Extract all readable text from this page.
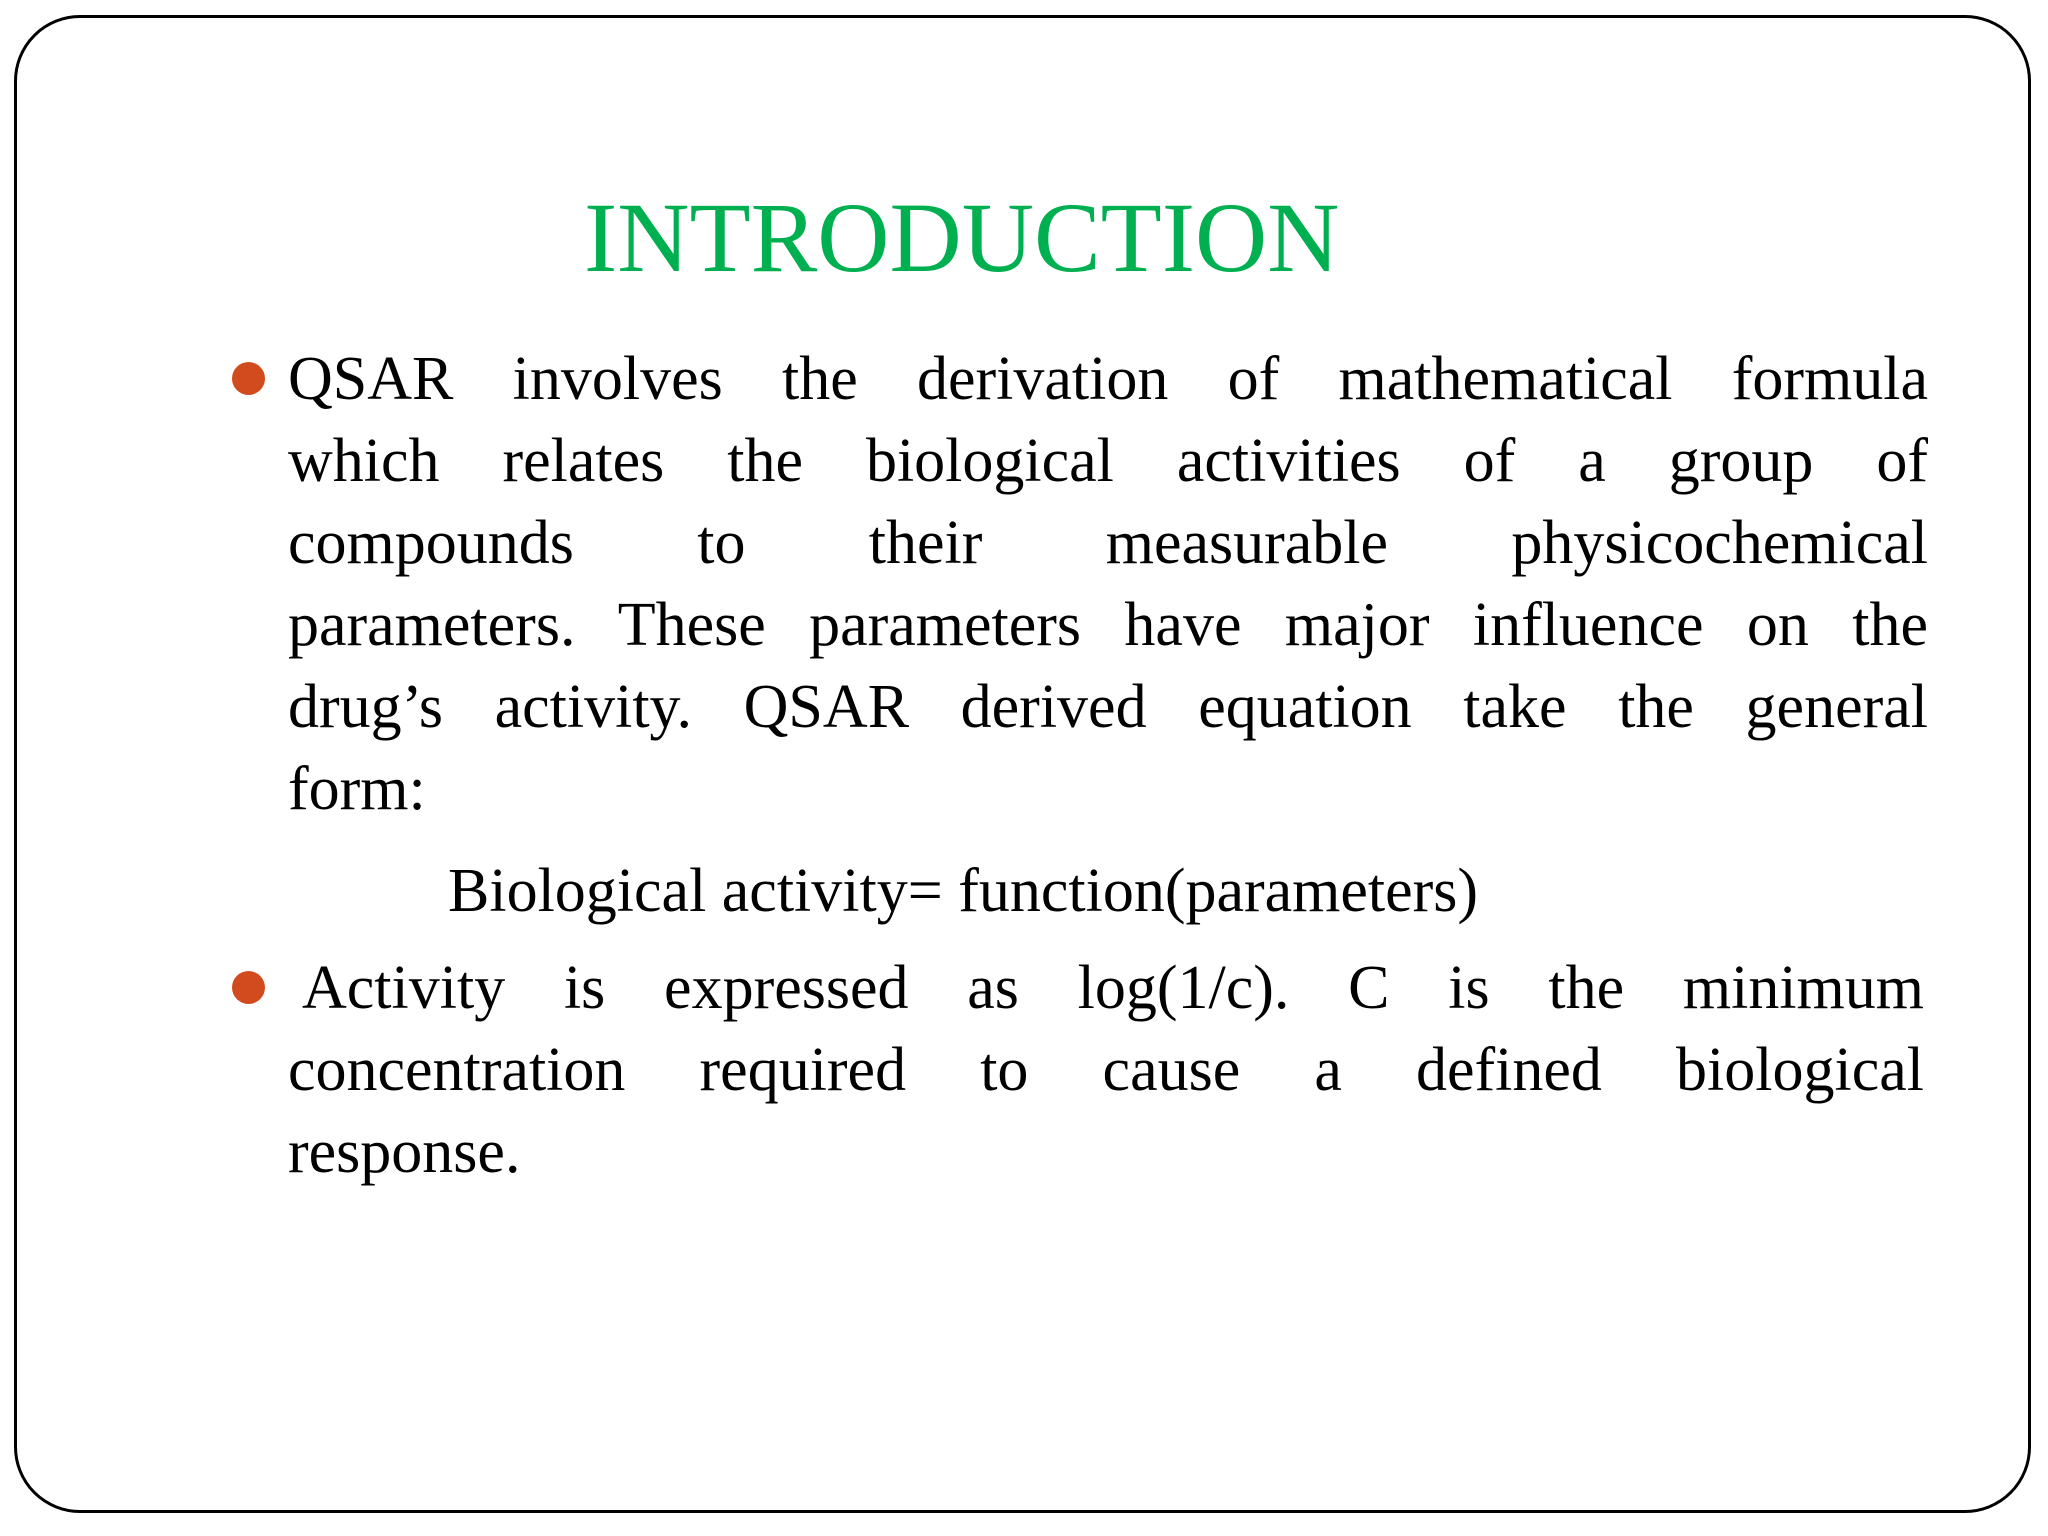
INTRODUCTION
QSAR involves the derivation of mathematical formula
which relates the biological activities of a group of
compounds to their measurable physicochemical
parameters. These parameters have major influence on the
drug’s activity. QSAR derived equation take the general
form:
Biological activity= function(parameters)
Activity is expressed as log(1/c). C is the minimum
concentration required to cause a defined biological
response.
